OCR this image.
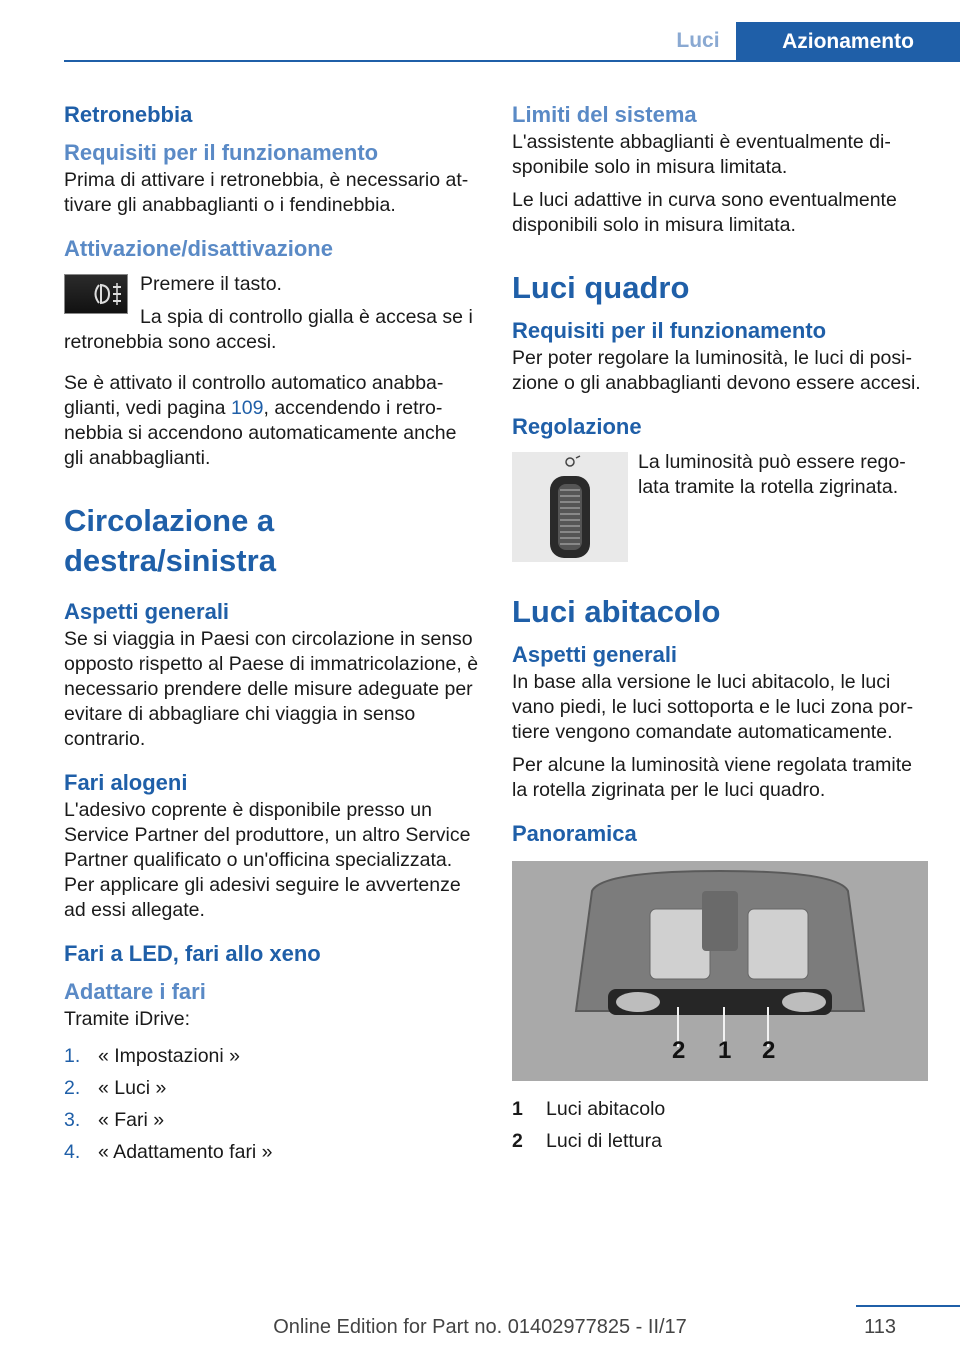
Luci	Azionamento
Retronebbia
Requisiti per il funzionamento

Prima di attivare i retronebbia, è necessario attivare gli anabbaglianti o i fendinebbia.

Attivazione/disattivazione

Premere il tasto.

La spia di controllo gialla è accesa se i retronebbia sono accesi.

Se è attivato il controllo automatico anabbaglianti, vedi pagina 109, accendendo i retronebbia si accendono automaticamente anche gli anabbaglianti.

Circolazione a destra/sinistra
Aspetti generali

Se si viaggia in Paesi con circolazione in senso opposto rispetto al Paese di immatricolazione, è necessario prendere delle misure adeguate per evitare di abbagliare chi viaggia in senso contrario.

Fari alogeni

L'adesivo coprente è disponibile presso un Service Partner del produttore, un altro Service Partner qualificato o un'officina specializzata. Per applicare gli adesivi seguire le avvertenze ad essi allegate.

Fari a LED, fari allo xeno
Adattare i fari

Tramite iDrive:

1. « Impostazioni »
2. « Luci »
3. « Fari »
4. « Adattamento fari »
Limiti del sistema

L'assistente abbaglianti è eventualmente disponibile solo in misura limitata.

Le luci adattive in curva sono eventualmente disponibili solo in misura limitata.

Luci quadro
Requisiti per il funzionamento

Per poter regolare la luminosità, le luci di posizione o gli anabbaglianti devono essere accesi.

Regolazione

La luminosità può essere regolata tramite la rotella zigrinata.

Luci abitacolo
Aspetti generali

In base alla versione le luci abitacolo, le luci vano piedi, le luci sottoporta e le luci zona portiere vengono comandate automaticamente.

Per alcune la luminosità viene regolata tramite la rotella zigrinata per le luci quadro.

Panoramica
2 1 2
1	Luci abitacolo
2	Luci di lettura
Online Edition for Part no. 01402977825 - II/17	113
